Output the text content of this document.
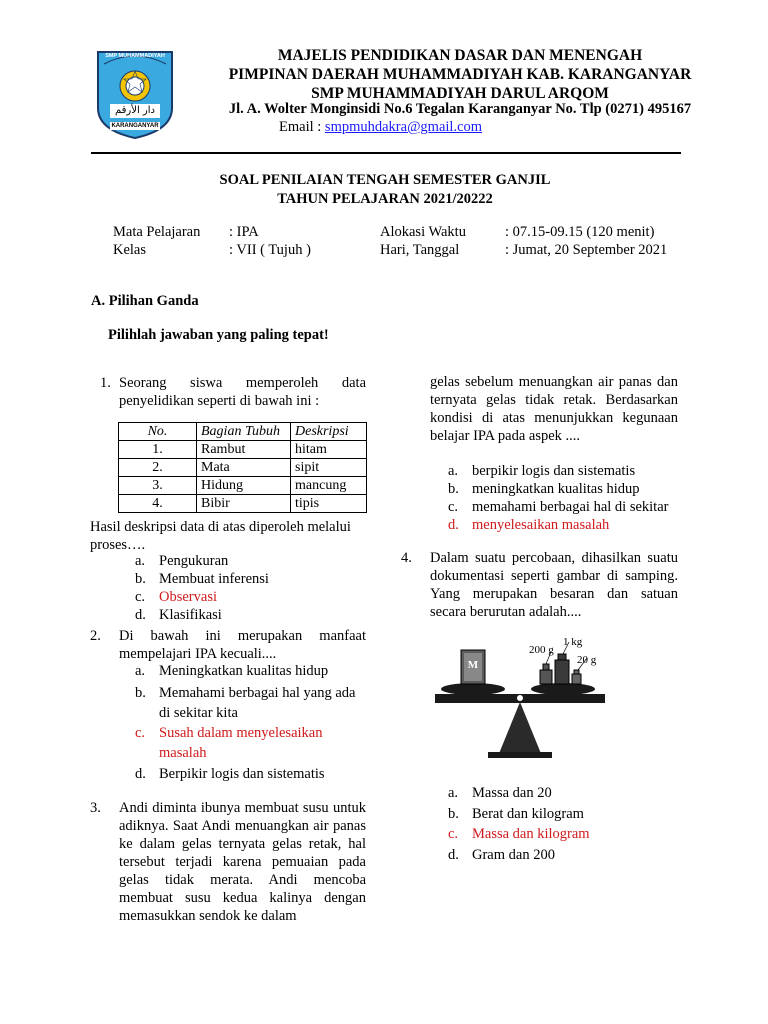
SMP MUHAMMADIYAH
دار الأرقم
KARANGANYAR
MAJELIS PENDIDIKAN DASAR DAN MENENGAH
PIMPINAN DAERAH MUHAMMADIYAH KAB. KARANGANYAR
SMP MUHAMMADIYAH DARUL ARQOM
Jl. A. Wolter Monginsidi No.6 Tegalan Karanganyar No. Tlp (0271) 495167
Email : smpmuhdakra@gmail.com
SOAL PENILAIAN TENGAH SEMESTER GANJIL
TAHUN PELAJARAN 2021/20222
Mata Pelajaran : IPA
Kelas	: VII ( Tujuh )
Alokasi Waktu	: 07.15-09.15 (120 menit)
Hari, Tanggal	: Jumat, 20 September 2021
A. Pilihan Ganda
Pilihlah jawaban yang paling tepat!
1. Seorang siswa memperoleh data penyelidikan seperti di bawah ini :
No.	Bagian Tubuh	Deskripsi
1.	Rambut	hitam
2.	Mata	sipit
3.	Hidung	mancung
4.	Bibir	tipis
Hasil deskripsi data di atas diperoleh melalui proses….
a. Pengukuran
b. Membuat inferensi
c. Observasi
d. Klasifikasi
2. Di bawah ini merupakan manfaat mempelajari IPA kecuali....
a. Meningkatkan kualitas hidup
b. Memahami berbagai hal yang ada
di sekitar kita
c. Susah dalam menyelesaikan
masalah
d. Berpikir logis dan sistematis
3. Andi diminta ibunya membuat susu untuk adiknya. Saat Andi menuangkan air panas ke dalam gelas ternyata gelas retak, hal tersebut terjadi karena pemuaian pada gelas tidak merata. Andi mencoba membuat susu kedua kalinya dengan memasukkan sendok ke dalam
gelas sebelum menuangkan air panas dan ternyata gelas tidak retak. Berdasarkan kondisi di atas menunjukkan kegunaan belajar IPA pada aspek ....
a. berpikir logis dan sistematis
b. meningkatkan kualitas hidup
c. memahami berbagai hal di sekitar
d. menyelesaikan masalah
4. Dalam suatu percobaan, dihasilkan suatu dokumentasi seperti gambar di samping. Yang merupakan besaran dan satuan secara berurutan adalah....
M
1 kg
200 g
20 g
a. Massa dan 20
b. Berat dan kilogram
c. Massa dan kilogram
d. Gram dan 200
